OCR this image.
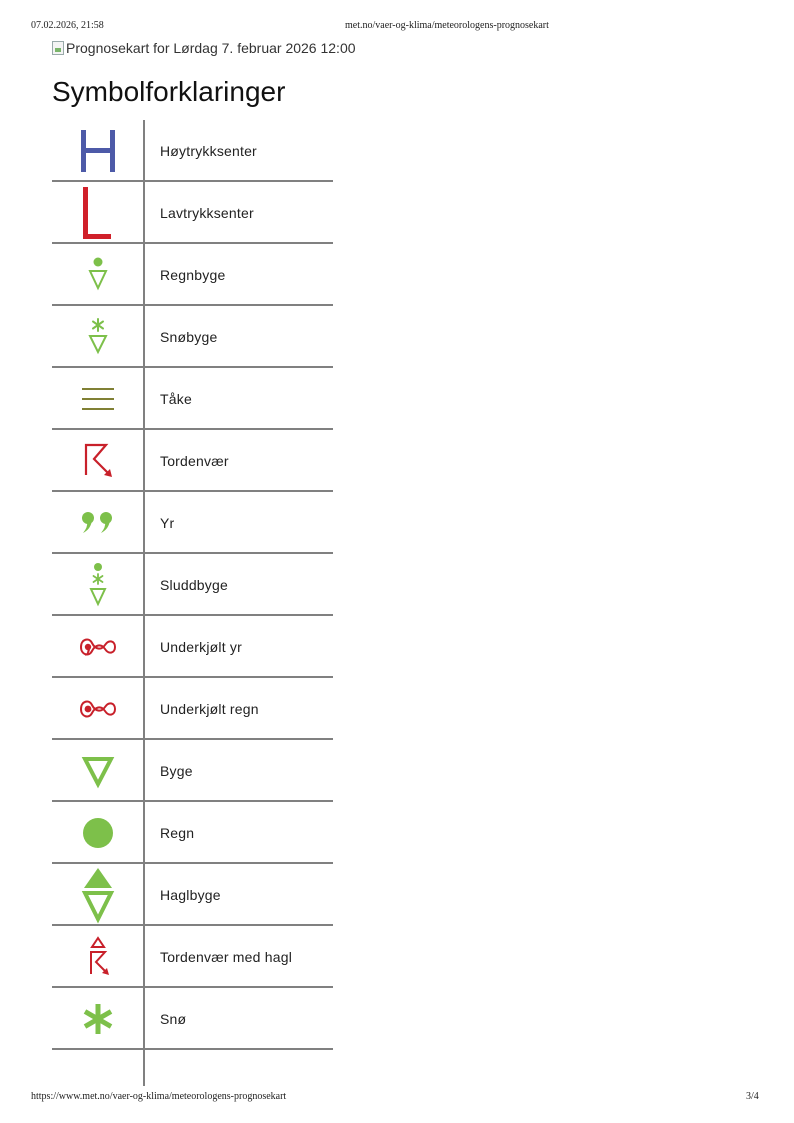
07.02.2026, 21:58	met.no/vaer-og-klima/meteorologens-prognosekart
Prognosekart for Lørdag 7. februar 2026 12:00
Symbolforklaringer
Høytrykksenter
Lavtrykksenter
Regnbyge
Snøbyge
Tåke
Tordenvær
Yr
Sluddbyge
Underkjølt yr
Underkjølt regn
Byge
Regn
Haglbyge
Tordenvær med hagl
Snø
https://www.met.no/vaer-og-klima/meteorologens-prognosekart	3/4
